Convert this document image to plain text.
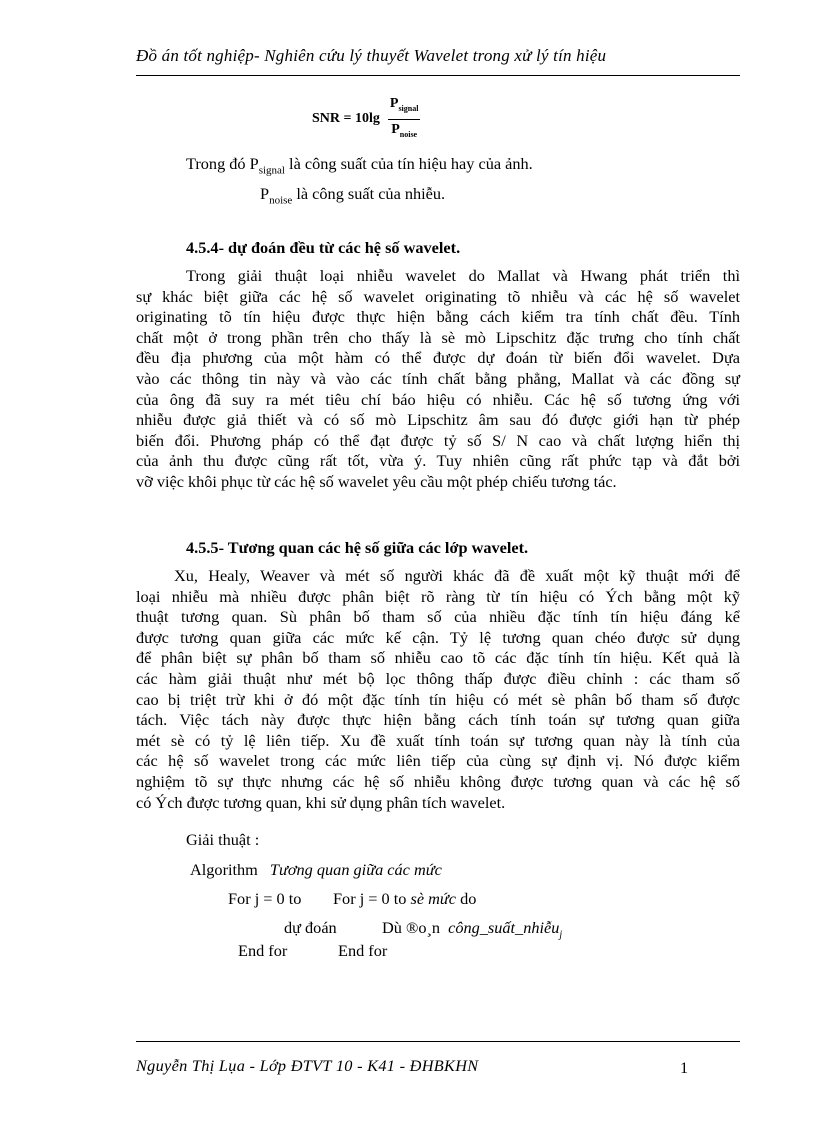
Đồ án tốt nghiệp- Nghiên cứu lý thuyết Wavelet trong xử lý tín hiệu
SNR = $10\lg \frac{P_{signal}}{P_{noise}}$
Trong đó $P_{signal}$ là công suất của tín hiệu hay của ảnh.
$P_{noise}$ là công suất của nhiễu.
4.5.4- dự đoán đều từ các hệ số wavelet.
Trong giải thuật loại nhiễu wavelet do Mallat và Hwang phát triển thì
sự khác biệt giữa các hệ số wavelet originating tõ nhiễu và các hệ số wavelet
originating tõ tín hiệu được thực hiện bằng cách kiểm tra tính chất đều. Tính
chất một ở trong phần trên cho thấy là sè mò Lipschitz đặc trưng cho tính chất
đều địa phương của một hàm có thể được dự đoán từ biến đổi wavelet. Dựa
vào các thông tin này và vào các tính chất bằng phẳng, Mallat và các đồng sự
của ông đã suy ra mét tiêu chí báo hiệu có nhiễu. Các hệ số tương ứng với
nhiễu được giả thiết và có số mò Lipschitz âm sau đó được giới hạn từ phép
biến đổi. Phương pháp có thể đạt được tỷ số S/ N cao và chất lượng hiển thị
của ảnh thu được cũng rất tốt, vừa ý. Tuy nhiên cũng rất phức tạp và đắt bởi
vỡ việc khôi phục từ các hệ số wavelet yêu cầu một phép chiếu tương tác.
4.5.5- Tương quan các hệ số giữa các lớp wavelet.
Xu, Healy, Weaver và mét số người khác đã đề xuất một kỹ thuật mới để
loại nhiễu mà nhiều được phân biệt rõ ràng từ tín hiệu có Ých bằng một kỹ
thuật tương quan. Sù phân bố tham số của nhiều đặc tính tín hiệu đáng kể
được tương quan giữa các mức kế cận. Tỷ lệ tương quan chéo được sử dụng
để phân biệt sự phân bố tham số nhiễu cao tõ các đặc tính tín hiệu. Kết quả là
các hàm giải thuật như mét bộ lọc thông thấp được điều chỉnh : các tham số
cao bị triệt trừ khi ở đó một đặc tính tín hiệu có mét sè phân bố tham số được
tách. Việc tách này được thực hiện bằng cách tính toán sự tương quan giữa
mét sè có tỷ lệ liên tiếp. Xu đề xuất tính toán sự tương quan này là tính của
các hệ số wavelet trong các mức liên tiếp của cùng sự định vị. Nó được kiểm
nghiệm tõ sự thực nhưng các hệ số nhiễu không được tương quan và các hệ số
có Ých được tương quan, khi sử dụng phân tích wavelet.
Giải thuật :
Algorithm Tương quan giữa các mức
For j = 0 to For j = 0 to sè mức do
dự đoán	Dù ®o¸n công_suất_nhiễu$_j$
End for	End for
Nguyễn Thị Lụa - Lớp ĐTVT 10 - K41 - ĐHBKHN	1
